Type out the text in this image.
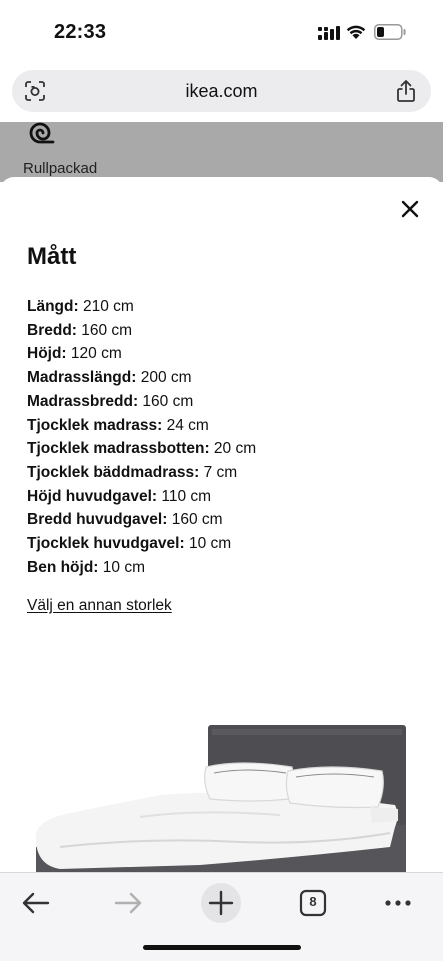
22:33
ikea.com
Rullpackad
Mått
Längd: 210 cm
Bredd: 160 cm
Höjd: 120 cm
Madrasslängd: 200 cm
Madrassbredd: 160 cm
Tjocklek madrass: 24 cm
Tjocklek madrassbotten: 20 cm
Tjocklek bäddmadrass: 7 cm
Höjd huvudgavel: 110 cm
Bredd huvudgavel: 160 cm
Tjocklek huvudgavel: 10 cm
Ben höjd: 10 cm
Välj en annan storlek
8
